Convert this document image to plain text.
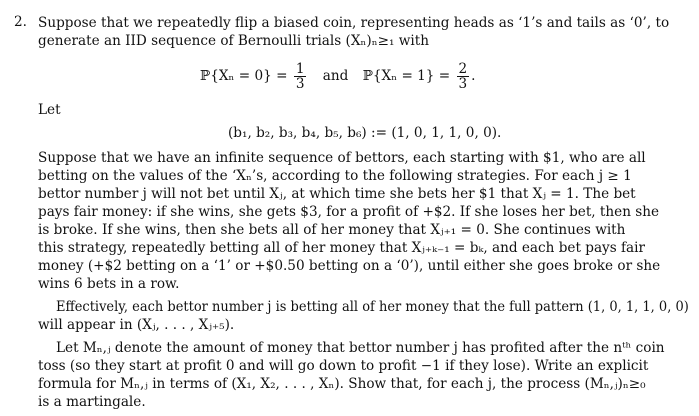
2. Suppose that we repeatedly flip a biased coin, representing heads as ‘1’s and tails as ‘0’, to
generate an IID sequence of Bernoulli trials (Xₙ)ₙ≥₁ with
ℙ{Xₙ = $0\} = \frac{1}{3}$ and ℙ{Xₙ = $1\} = \frac{2}{3}$ .
Let
(b₁, b₂, b₃, b₄, b₅, b₆) := (1, 0, 1, 1, 0, 0).
Suppose that we have an infinite sequence of bettors, each starting with $1, who are all
betting on the values of the ‘Xₙ’s, according to the following strategies. For each j ≥ 1
bettor number j will not bet until Xⱼ, at which time she bets her $1 that Xⱼ = 1. The bet
pays fair money: if she wins, she gets $3, for a profit of +$2. If she loses her bet, then she
is broke. If she wins, then she bets all of her money that Xⱼ₊₁ = 0. She continues with
this strategy, repeatedly betting all of her money that Xⱼ₊ₖ₋₁ = bₖ, and each bet pays fair
money (+$2 betting on a ‘1’ or +$0.50 betting on a ‘0’), until either she goes broke or she
wins 6 bets in a row.
Effectively, each bettor number j is betting all of her money that the full pattern (1, 0, 1, 1, 0, 0)
will appear in (Xⱼ, . . . , Xⱼ₊₅).
Let Mₙ,ⱼ denote the amount of money that bettor number j has profited after the nᵗʰ coin
toss (so they start at profit 0 and will go down to profit −1 if they lose). Write an explicit
formula for Mₙ,ⱼ in terms of (X₁, X₂, . . . , Xₙ). Show that, for each j, the process (Mₙ,ⱼ)ₙ≥₀
is a martingale.
